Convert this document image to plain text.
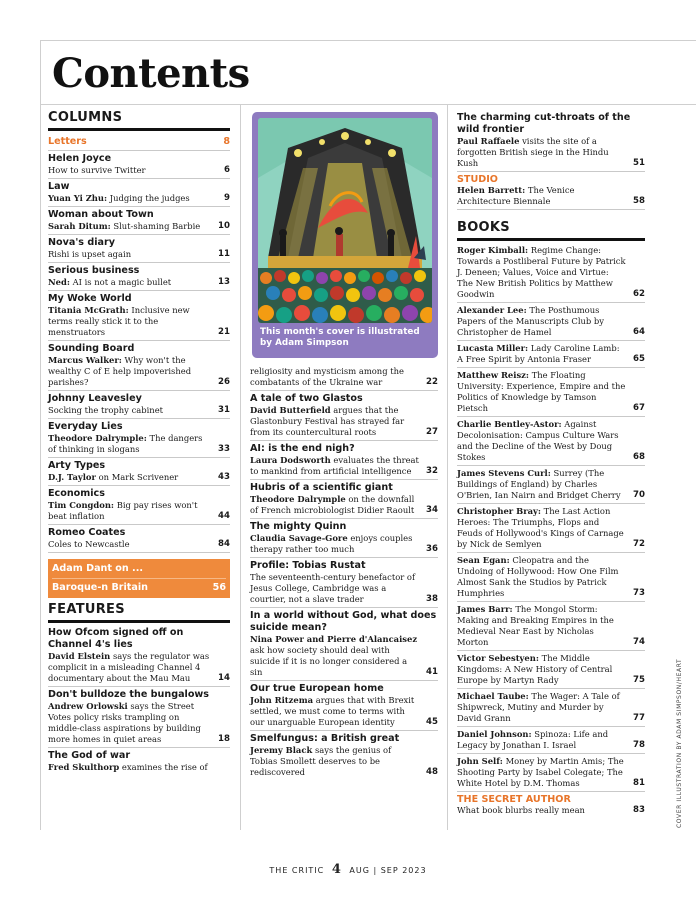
Contents
COLUMNS
Letters	8
Helen Joyce
How to survive Twitter	6
Law
Yuan Yi Zhu: Judging the judges	9
Woman about Town
Sarah Ditum: Slut-shaming Barbie	10
Nova's diary
Rishi is upset again	11
Serious business
Ned: AI is not a magic bullet	13
My Woke World
Titania McGrath: Inclusive new terms really stick it to the menstruators	21
Sounding Board
Marcus Walker: Why won't the wealthy C of E help impoverished parishes?	26
Johnny Leavesley
Socking the trophy cabinet	31
Everyday Lies
Theodore Dalrymple: The dangers of thinking in slogans	33
Arty Types
D.J. Taylor on Mark Scrivener	43
Economics
Tim Congdon: Big pay rises won't beat inflation	44
Romeo Coates
Coles to Newcastle	84
Adam Dant on ...
Baroque-n Britain	56
FEATURES
How Ofcom signed off on Channel 4's lies
David Elstein says the regulator was complicit in a misleading Channel 4 documentary about the Mau Mau	14
Don't bulldoze the bungalows
Andrew Orlowski says the Street Votes policy risks trampling on middle-class aspirations by building more homes in quiet areas	18
The God of war
Fred Skulthorp examines the rise of
This month's cover is illustrated by Adam Simpson
religiosity and mysticism among the combatants of the Ukraine war	22
A tale of two Glastos
David Butterfield argues that the Glastonbury Festival has strayed far from its countercultural roots	27
AI: is the end nigh?
Laura Dodsworth evaluates the threat to mankind from artificial intelligence	32
Hubris of a scientific giant
Theodore Dalrymple on the downfall of French microbiologist Didier Raoult	34
The mighty Quinn
Claudia Savage-Gore enjoys couples therapy rather too much	36
Profile: Tobias Rustat
The seventeenth-century benefactor of Jesus College, Cambridge was a courtier, not a slave trader	38
In a world without God, what does suicide mean?
Nina Power and Pierre d'Alancaisez ask how society should deal with suicide if it is no longer considered a sin	41
Our true European home
John Ritzema argues that with Brexit settled, we must come to terms with our unarguable European identity	45
Smelfungus: a British great
Jeremy Black says the genius of Tobias Smollett deserves to be rediscovered	48
The charming cut-throats of the wild frontier
Paul Raffaele visits the site of a forgotten British siege in the Hindu Kush	51
STUDIO
Helen Barrett: The Venice Architecture Biennale	58
BOOKS
Roger Kimball: Regime Change: Towards a Postliberal Future by Patrick J. Deneen; Values, Voice and Virtue: The New British Politics by Matthew Goodwin	62
Alexander Lee: The Posthumous Papers of the Manuscripts Club by Christopher de Hamel	64
Lucasta Miller: Lady Caroline Lamb: A Free Spirit by Antonia Fraser	65
Matthew Reisz: The Floating University: Experience, Empire and the Politics of Knowledge by Tamson Pietsch	67
Charlie Bentley-Astor: Against Decolonisation: Campus Culture Wars and the Decline of the West by Doug Stokes	68
James Stevens Curl: Surrey (The Buildings of England) by Charles O'Brien, Ian Nairn and Bridget Cherry	70
Christopher Bray: The Last Action Heroes: The Triumphs, Flops and Feuds of Hollywood's Kings of Carnage by Nick de Semlyen	72
Sean Egan: Cleopatra and the Undoing of Hollywood: How One Film Almost Sank the Studios by Patrick Humphries	73
James Barr: The Mongol Storm: Making and Breaking Empires in the Medieval Near East by Nicholas Morton	74
Victor Sebestyen: The Middle Kingdoms: A New History of Central Europe by Martyn Rady	75
Michael Taube: The Wager: A Tale of Shipwreck, Mutiny and Murder by David Grann	77
Daniel Johnson: Spinoza: Life and Legacy by Jonathan I. Israel	78
John Self: Money by Martin Amis; The Shooting Party by Isabel Colegate; The White Hotel by D.M. Thomas	81
THE SECRET AUTHOR
What book blurbs really mean	83
THE CRITIC 4 AUG | SEP 2023
COVER ILLUSTRATION BY ADAM SIMPSON/HEART
